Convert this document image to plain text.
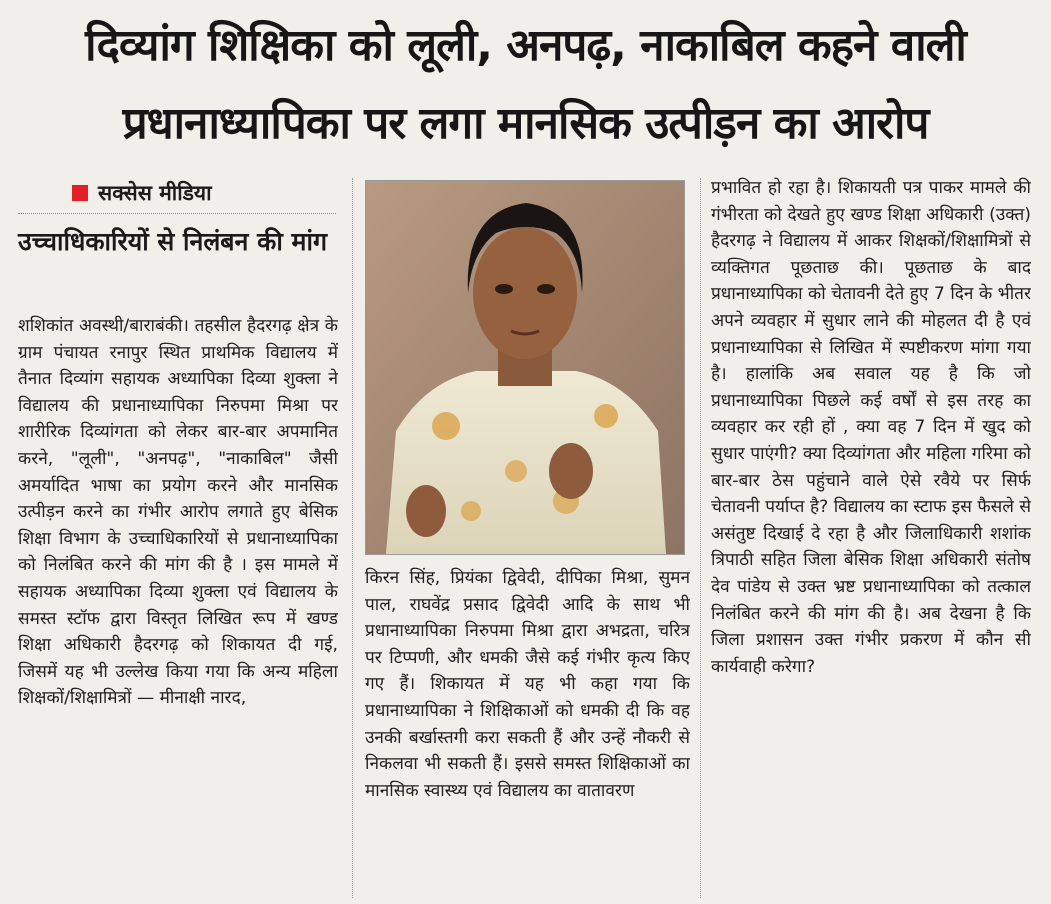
दिव्यांग शिक्षिका को लूली, अनपढ़, नाकाबिल कहने वाली
प्रधानाध्यापिका पर लगा मानसिक उत्पीड़न का आरोप
सक्सेस मीडिया
उच्चाधिकारियों से निलंबन की मांग
शशिकांत अवस्थी/बाराबंकी। तहसील हैदरगढ़ क्षेत्र के ग्राम पंचायत रनापुर स्थित प्राथमिक विद्यालय में तैनात दिव्यांग सहायक अध्यापिका दिव्या शुक्ला ने विद्यालय की प्रधानाध्यापिका निरुपमा मिश्रा पर शारीरिक दिव्यांगता को लेकर बार-बार अपमानित करने, "लूली", "अनपढ़", "नाकाबिल" जैसी अमर्यादित भाषा का प्रयोग करने और मानसिक उत्पीड़न करने का गंभीर आरोप लगाते हुए बेसिक शिक्षा विभाग के उच्चाधिकारियों से प्रधानाध्यापिका को निलंबित करने की मांग की है । इस मामले में सहायक अध्यापिका दिव्या शुक्ला एवं विद्यालय के समस्त स्टॉफ द्वारा विस्तृत लिखित रूप में खण्ड शिक्षा अधिकारी हैदरगढ़ को शिकायत दी गई, जिसमें यह भी उल्लेख किया गया कि अन्य महिला शिक्षकों/शिक्षामित्रों — मीनाक्षी नारद,
किरन सिंह, प्रियंका द्विवेदी, दीपिका मिश्रा, सुमन पाल, राघवेंद्र प्रसाद द्विवेदी आदि के साथ भी प्रधानाध्यापिका निरुपमा मिश्रा द्वारा अभद्रता, चरित्र पर टिप्पणी, और धमकी जैसे कई गंभीर कृत्य किए गए हैं। शिकायत में यह भी कहा गया कि प्रधानाध्यापिका ने शिक्षिकाओं को धमकी दी कि वह उनकी बर्खास्तगी करा सकती हैं और उन्हें नौकरी से निकलवा भी सकती हैं। इससे समस्त शिक्षिकाओं का मानसिक स्वास्थ्य एवं विद्यालय का वातावरण
प्रभावित हो रहा है। शिकायती पत्र पाकर मामले की गंभीरता को देखते हुए खण्ड शिक्षा अधिकारी (उक्त) हैदरगढ़ ने विद्यालय में आकर शिक्षकों/शिक्षामित्रों से व्यक्तिगत पूछताछ की। पूछताछ के बाद प्रधानाध्यापिका को चेतावनी देते हुए 7 दिन के भीतर अपने व्यवहार में सुधार लाने की मोहलत दी है एवं प्रधानाध्यापिका से लिखित में स्पष्टीकरण मांगा गया है। हालांकि अब सवाल यह है कि जो प्रधानाध्यापिका पिछले कई वर्षों से इस तरह का व्यवहार कर रही हों , क्या वह 7 दिन में खुद को सुधार पाएंगी? क्या दिव्यांगता और महिला गरिमा को बार-बार ठेस पहुंचाने वाले ऐसे रवैये पर सिर्फ चेतावनी पर्याप्त है? विद्यालय का स्टाफ इस फैसले से असंतुष्ट दिखाई दे रहा है और जिलाधिकारी शशांक त्रिपाठी सहित जिला बेसिक शिक्षा अधिकारी संतोष देव पांडेय से उक्त भ्रष्ट प्रधानाध्यापिका को तत्काल निलंबित करने की मांग की है। अब देखना है कि जिला प्रशासन उक्त गंभीर प्रकरण में कौन सी कार्यवाही करेगा?
